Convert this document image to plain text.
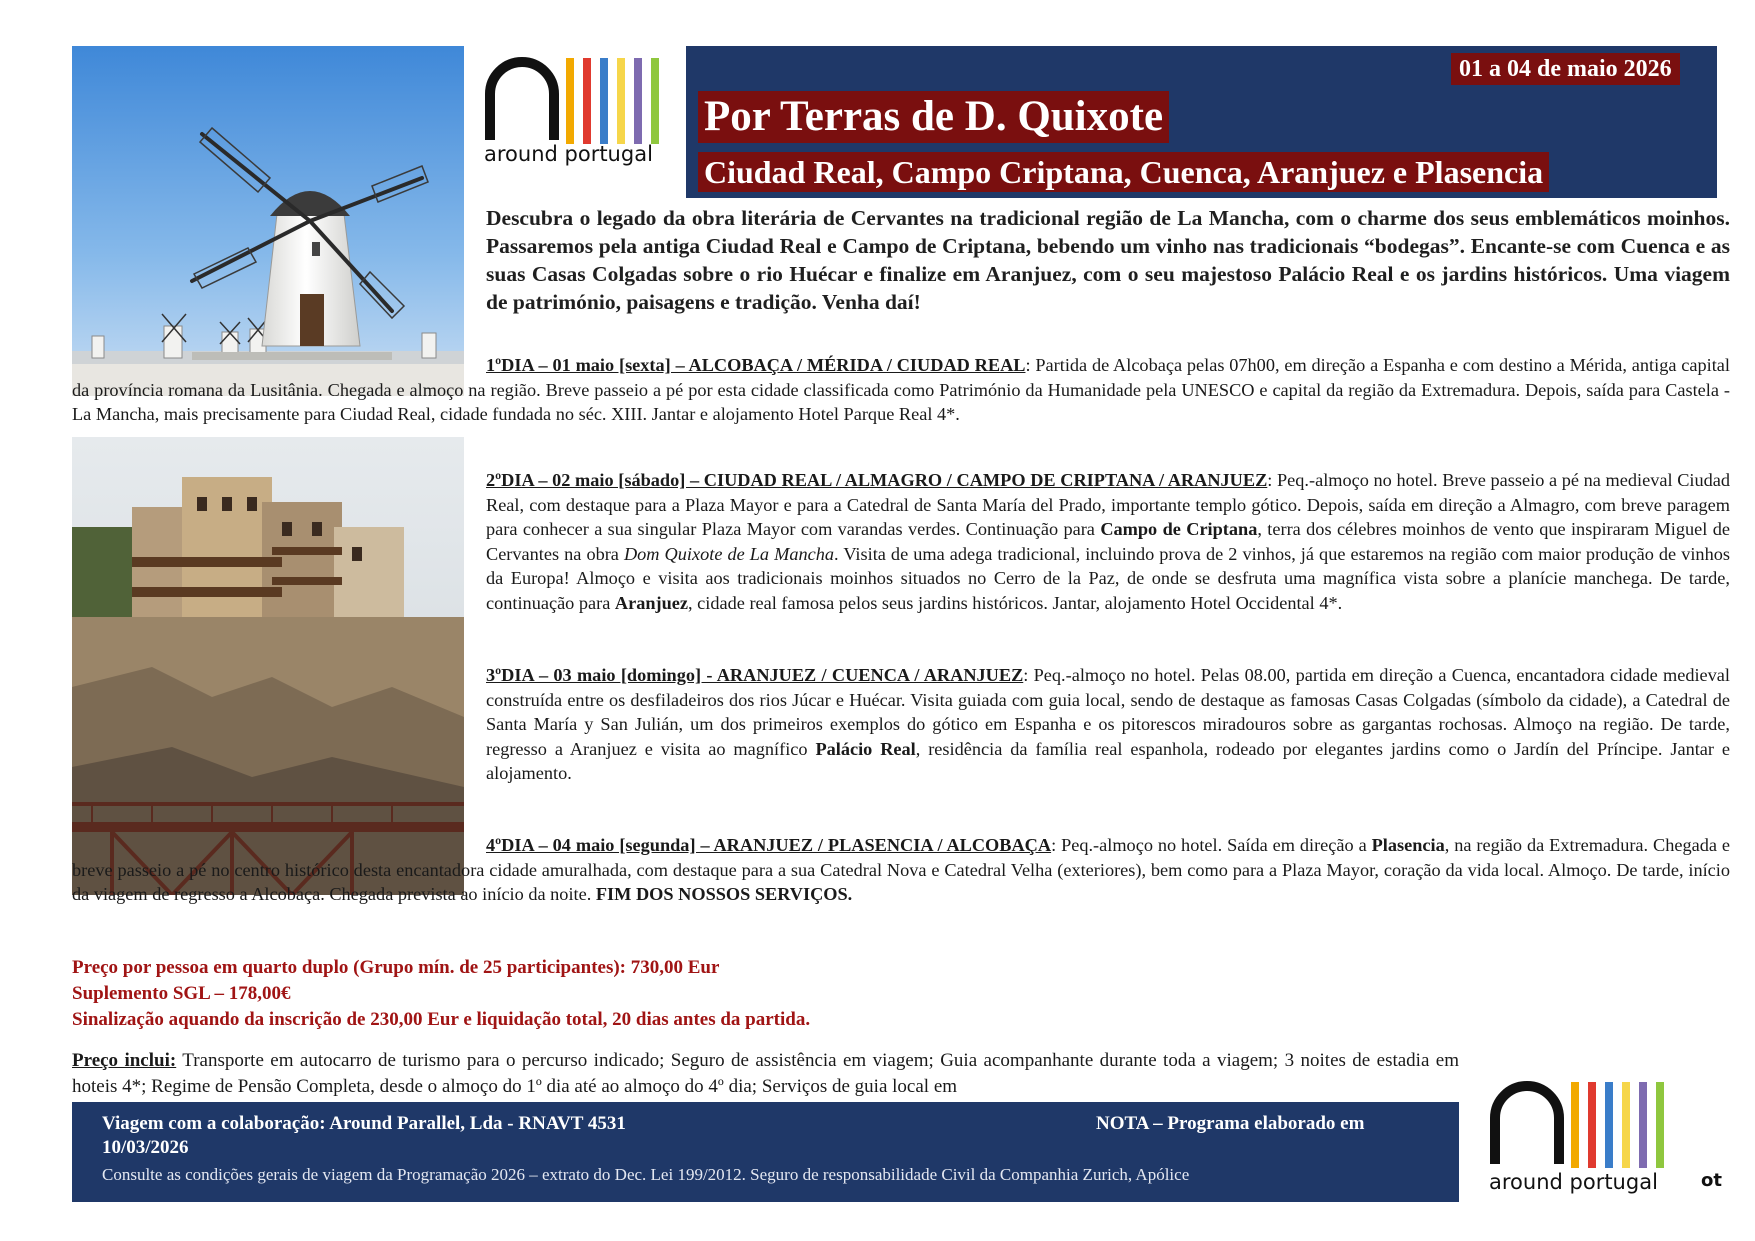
around portugal
01 a 04 de maio 2026
Por Terras de D. Quixote
Ciudad Real, Campo Criptana, Cuenca, Aranjuez e Plasencia

Descubra o legado da obra literária de Cervantes na tradicional região de La Mancha, com o charme dos seus emblemáticos moinhos. Passaremos pela antiga Ciudad Real e Campo de Criptana, bebendo um vinho nas tradicionais “bodegas”. Encante-se com Cuenca e as suas Casas Colgadas sobre o rio Huécar e finalize em Aranjuez, com o seu majestoso Palácio Real e os jardins históricos. Uma viagem de património, paisagens e tradição. Venha daí!

1ºDIA – 01 maio [sexta] – ALCOBAÇA / MÉRIDA / CIUDAD REAL: Partida de Alcobaça pelas 07h00, em direção a Espanha e com destino a Mérida, antiga capital da província romana da Lusitânia. Chegada e almoço na região. Breve passeio a pé por esta cidade classificada como Património da Humanidade pela UNESCO e capital da região da Extremadura. Depois, saída para Castela - La Mancha, mais precisamente para Ciudad Real, cidade fundada no séc. XIII. Jantar e alojamento Hotel Parque Real 4*.

2ºDIA – 02 maio [sábado] – CIUDAD REAL / ALMAGRO / CAMPO DE CRIPTANA / ARANJUEZ: Peq.-almoço no hotel. Breve passeio a pé na medieval Ciudad Real, com destaque para a Plaza Mayor e para a Catedral de Santa María del Prado, importante templo gótico. Depois, saída em direção a Almagro, com breve paragem para conhecer a sua singular Plaza Mayor com varandas verdes. Continuação para Campo de Criptana, terra dos célebres moinhos de vento que inspiraram Miguel de Cervantes na obra Dom Quixote de La Mancha. Visita de uma adega tradicional, incluindo prova de 2 vinhos, já que estaremos na região com maior produção de vinhos da Europa! Almoço e visita aos tradicionais moinhos situados no Cerro de la Paz, de onde se desfruta uma magnífica vista sobre a planície manchega. De tarde, continuação para Aranjuez, cidade real famosa pelos seus jardins históricos. Jantar, alojamento Hotel Occidental 4*.

3ºDIA – 03 maio [domingo] - ARANJUEZ / CUENCA / ARANJUEZ: Peq.-almoço no hotel. Pelas 08.00, partida em direção a Cuenca, encantadora cidade medieval construída entre os desfiladeiros dos rios Júcar e Huécar. Visita guiada com guia local, sendo de destaque as famosas Casas Colgadas (símbolo da cidade), a Catedral de Santa María y San Julián, um dos primeiros exemplos do gótico em Espanha e os pitorescos miradouros sobre as gargantas rochosas. Almoço na região. De tarde, regresso a Aranjuez e visita ao magnífico Palácio Real, residência da família real espanhola, rodeado por elegantes jardins como o Jardín del Príncipe. Jantar e alojamento.

4ºDIA – 04 maio [segunda] – ARANJUEZ / PLASENCIA / ALCOBAÇA: Peq.-almoço no hotel. Saída em direção a Plasencia, na região da Extremadura. Chegada e breve passeio a pé no centro histórico desta encantadora cidade amuralhada, com destaque para a sua Catedral Nova e Catedral Velha (exteriores), bem como para a Plaza Mayor, coração da vida local. Almoço. De tarde, início da viagem de regresso a Alcobaça. Chegada prevista ao início da noite. FIM DOS NOSSOS SERVIÇOS.

Preço por pessoa em quarto duplo (Grupo mín. de 25 participantes): 730,00 Eur
Suplemento SGL – 178,00€
Sinalização aquando da inscrição de 230,00 Eur e liquidação total, 20 dias antes da partida.

Preço inclui: Transporte em autocarro de turismo para o percurso indicado; Seguro de assistência em viagem; Guia acompanhante durante toda a viagem; 3 noites de estadia em hoteis 4*; Regime de Pensão Completa, desde o almoço do 1º dia até ao almoço do 4º dia; Serviços de guia local em

Viagem com a colaboração: Around Parallel, Lda - RNAVT 4531
10/03/2026
NOTA – Programa elaborado em
Consulte as condições gerais de viagem da Programação 2026 – extrato do Dec. Lei 199/2012. Seguro de responsabilidade Civil da Companhia Zurich, Apólice	around portugal ot
